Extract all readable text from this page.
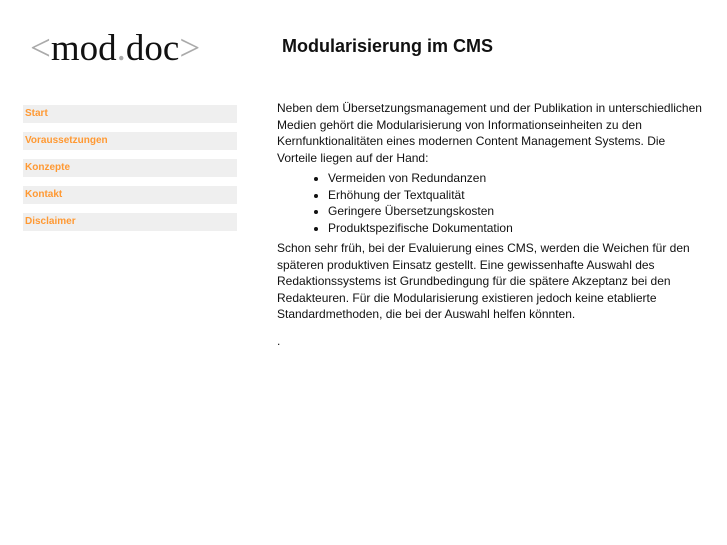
<mod.doc>
Start
Voraussetzungen
Konzepte
Kontakt
Disclaimer
Modularisierung im CMS

Neben dem Übersetzungsmanagement und der Publikation in unterschiedlichen Medien gehört die Modularisierung von Informationseinheiten zu den Kernfunktionalitäten eines modernen Content Management Systems. Die Vorteile liegen auf der Hand:

• Vermeiden von Redundanzen
• Erhöhung der Textqualität
• Geringere Übersetzungskosten
• Produktspezifische Dokumentation

Schon sehr früh, bei der Evaluierung eines CMS, werden die Weichen für den späteren produktiven Einsatz gestellt. Eine gewissenhafte Auswahl des Redaktionssystems ist Grundbedingung für die spätere Akzeptanz bei den Redakteuren. Für die Modularisierung existieren jedoch keine etablierte Standardmethoden, die bei der Auswahl helfen könnten.

.
